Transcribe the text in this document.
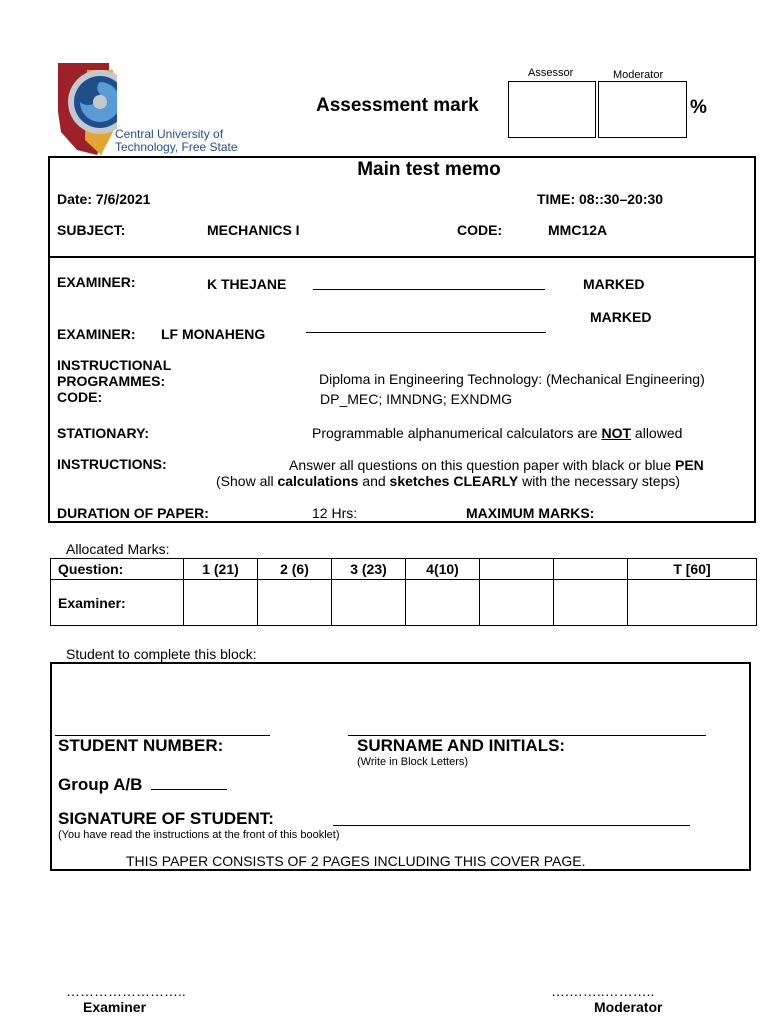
Central University of
Technology, Free State
Assessment mark
Assessor	Moderator
%
Main test memo
Date: 7/6/2021	TIME: 08::30–20:30
SUBJECT:	MECHANICS I	CODE:	MMC12A
EXAMINER:	K THEJANE	MARKED
MARKED
EXAMINER: LF MONAHENG
INSTRUCTIONAL
PROGRAMMES:
CODE:
Diploma in Engineering Technology: (Mechanical Engineering)
DP_MEC; IMNDNG; EXNDMG
STATIONARY:	Programmable alphanumerical calculators are NOT allowed
INSTRUCTIONS:	Answer all questions on this question paper with black or blue PEN
(Show all calculations and sketches CLEARLY with the necessary steps)
DURATION OF PAPER:	12 Hrs:	MAXIMUM MARKS:
Allocated Marks:
Question:	1 (21)	2 (6)	3 (23)	4(10)			T [60]
Examiner:							
Student to complete this block:
STUDENT NUMBER:	SURNAME AND INITIALS:
(Write in Block Letters)
Group A/B
SIGNATURE OF STUDENT:
(You have read the instructions at the front of this booklet)
THIS PAPER CONSISTS OF 2 PAGES INCLUDING THIS COVER PAGE.
……………………..
Examiner
….……..………..
Moderator
